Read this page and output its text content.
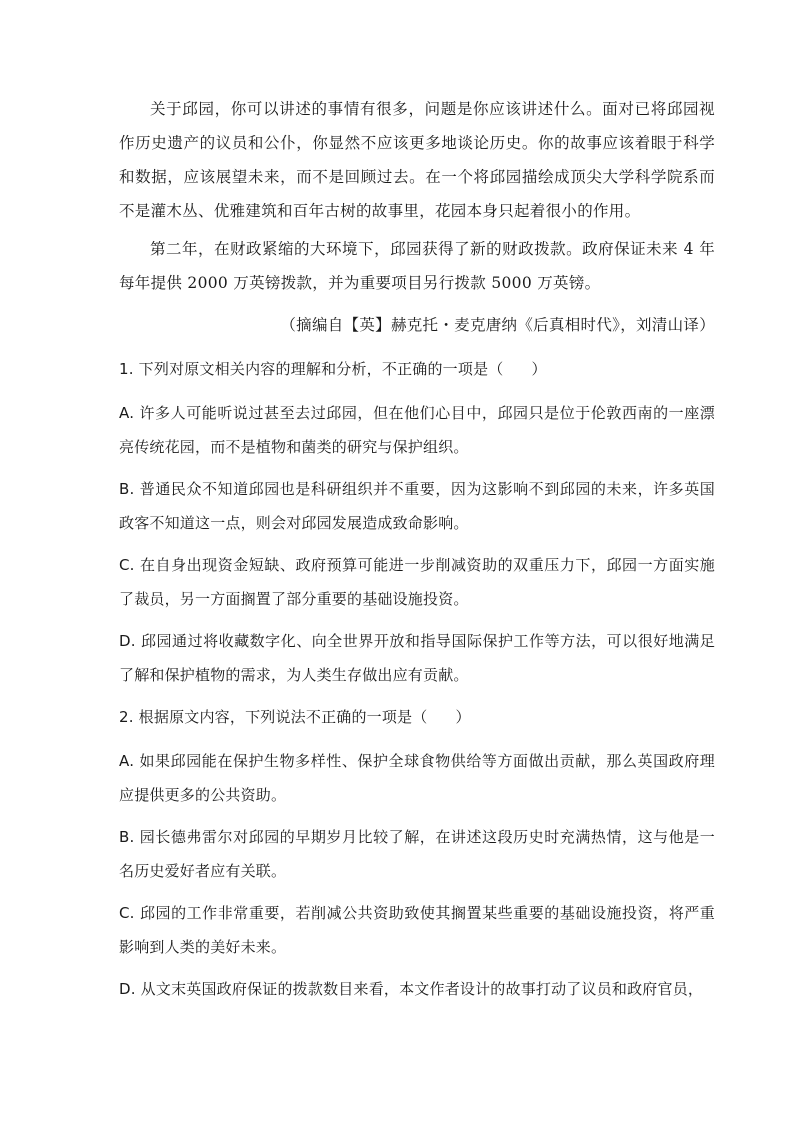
关于邱园，你可以讲述的事情有很多，问题是你应该讲述什么。面对已将邱园视作历史遗产的议员和公仆，你显然不应该更多地谈论历史。你的故事应该着眼于科学和数据，应该展望未来，而不是回顾过去。在一个将邱园描绘成顶尖大学科学院系而不是灌木丛、优雅建筑和百年古树的故事里，花园本身只起着很小的作用。

第二年，在财政紧缩的大环境下，邱园获得了新的财政拨款。政府保证未来 4 年每年提供 2000 万英镑拨款，并为重要项目另行拨款 5000 万英镑。

（摘编自【英】赫克托・麦克唐纳《后真相时代》，刘清山译）

1. 下列对原文相关内容的理解和分析，不正确的一项是（ ）

A. 许多人可能听说过甚至去过邱园，但在他们心目中，邱园只是位于伦敦西南的一座漂亮传统花园，而不是植物和菌类的研究与保护组织。

B. 普通民众不知道邱园也是科研组织并不重要，因为这影响不到邱园的未来，许多英国政客不知道这一点，则会对邱园发展造成致命影响。

C. 在自身出现资金短缺、政府预算可能进一步削减资助的双重压力下，邱园一方面实施了裁员，另一方面搁置了部分重要的基础设施投资。

D. 邱园通过将收藏数字化、向全世界开放和指导国际保护工作等方法，可以很好地满足了解和保护植物的需求，为人类生存做出应有贡献。

2. 根据原文内容，下列说法不正确的一项是（ ）

A. 如果邱园能在保护生物多样性、保护全球食物供给等方面做出贡献，那么英国政府理应提供更多的公共资助。

B. 园长德弗雷尔对邱园的早期岁月比较了解，在讲述这段历史时充满热情，这与他是一名历史爱好者应有关联。

C. 邱园的工作非常重要，若削减公共资助致使其搁置某些重要的基础设施投资，将严重影响到人类的美好未来。

D. 从文末英国政府保证的拨款数目来看，本文作者设计的故事打动了议员和政府官员，
